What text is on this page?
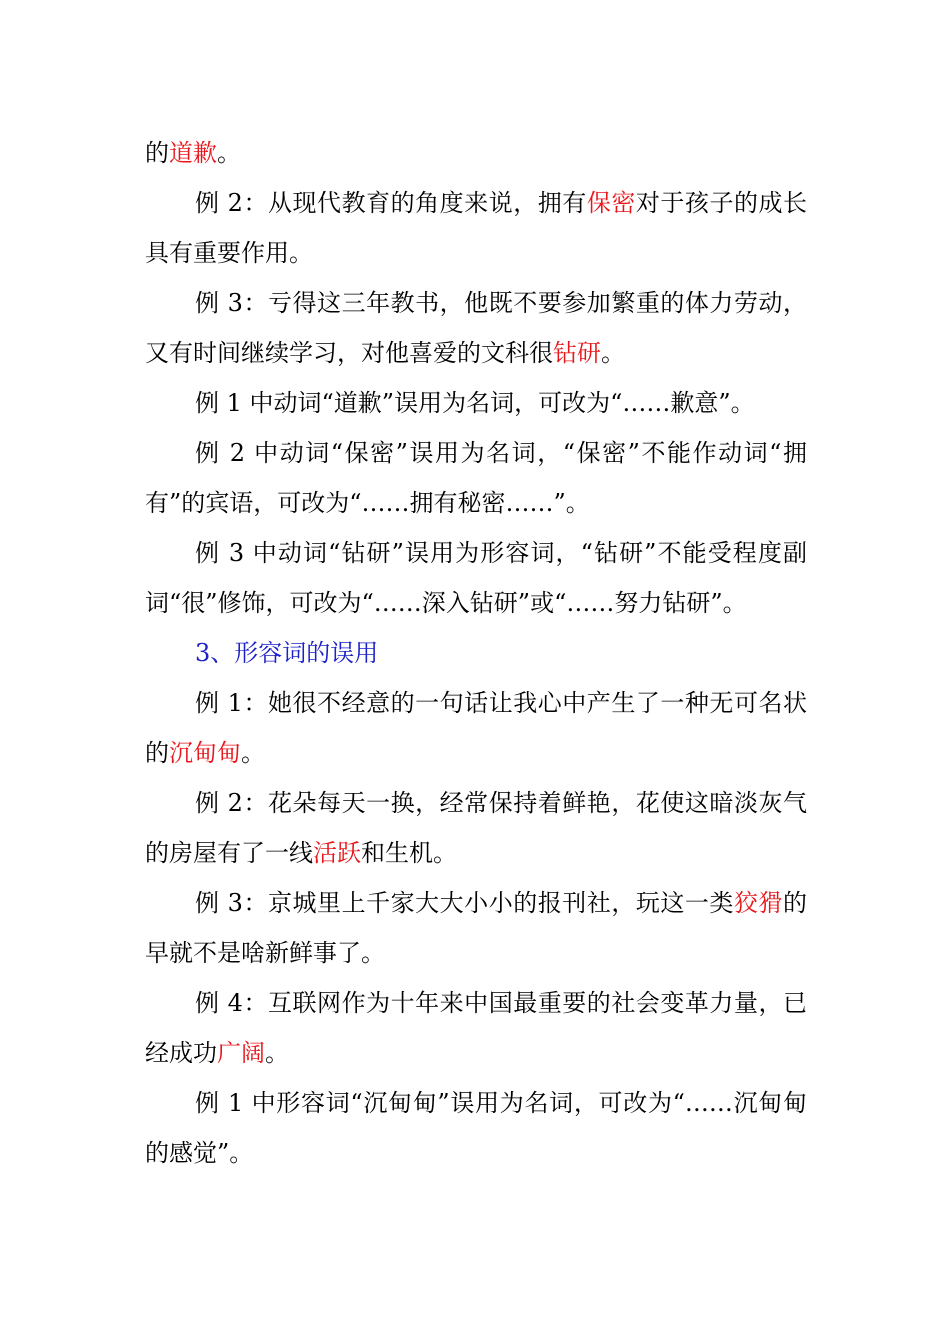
的道歉。

例 2：从现代教育的角度来说，拥有保密对于孩子的成长具有重要作用。

例 3：亏得这三年教书，他既不要参加繁重的体力劳动，又有时间继续学习，对他喜爱的文科很钻研。

例 1 中动词“道歉”误用为名词，可改为“……歉意”。

例 2 中动词“保密”误用为名词，“保密”不能作动词“拥有”的宾语，可改为“……拥有秘密……”。

例 3 中动词“钻研”误用为形容词，“钻研”不能受程度副词“很”修饰，可改为“……深入钻研”或“……努力钻研”。

3、形容词的误用

例 1：她很不经意的一句话让我心中产生了一种无可名状的沉甸甸。

例 2：花朵每天一换，经常保持着鲜艳，花使这暗淡灰气的房屋有了一线活跃和生机。

例 3：京城里上千家大大小小的报刊社，玩这一类狡猾的早就不是啥新鲜事了。

例 4：互联网作为十年来中国最重要的社会变革力量，已经成功广阔。

例 1 中形容词“沉甸甸”误用为名词，可改为“……沉甸甸的感觉”。
